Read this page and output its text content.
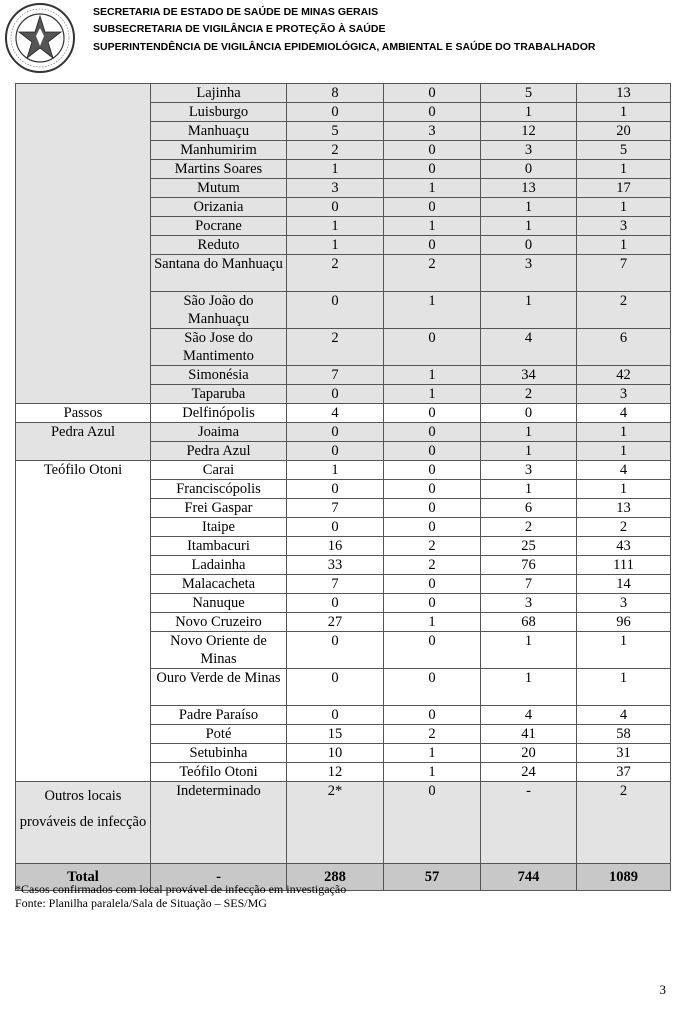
SECRETARIA DE ESTADO DE SAÚDE DE MINAS GERAIS
SUBSECRETARIA DE VIGILÂNCIA E PROTEÇÃO À SAÚDE
SUPERINTENDÊNCIA DE VIGILÂNCIA EPIDEMIOLÓGICA, AMBIENTAL E SAÚDE DO TRABALHADOR
	Lajinha	8	0	5	13
	Luisburgo	0	0	1	1
	Manhuaçu	5	3	12	20
	Manhumirim	2	0	3	5
	Martins Soares	1	0	0	1
	Mutum	3	1	13	17
	Orizania	0	0	1	1
	Pocrane	1	1	1	3
	Reduto	1	0	0	1
	Santana do Manhuaçu	2	2	3	7
	São João do Manhuaçu	0	1	1	2
	São Jose do Mantimento	2	0	4	6
	Simonésia	7	1	34	42
	Taparuba	0	1	2	3
Passos	Delfinópolis	4	0	0	4
Pedra Azul	Joaima	0	0	1	1
	Pedra Azul	0	0	1	1
Teófilo Otoni	Carai	1	0	3	4
	Franciscópolis	0	0	1	1
	Frei Gaspar	7	0	6	13
	Itaipe	0	0	2	2
	Itambacuri	16	2	25	43
	Ladainha	33	2	76	111
	Malacacheta	7	0	7	14
	Nanuque	0	0	3	3
	Novo Cruzeiro	27	1	68	96
	Novo Oriente de Minas	0	0	1	1
	Ouro Verde de Minas	0	0	1	1
	Padre Paraíso	0	0	4	4
	Poté	15	2	41	58
	Setubinha	10	1	20	31
	Teófilo Otoni	12	1	24	37
Outros locais prováveis de infecção	Indeterminado	2*	0	-	2
Total	-	288	57	744	1089
*Casos confirmados com local provável de infecção em investigação
Fonte: Planilha paralela/Sala de Situação – SES/MG
3
